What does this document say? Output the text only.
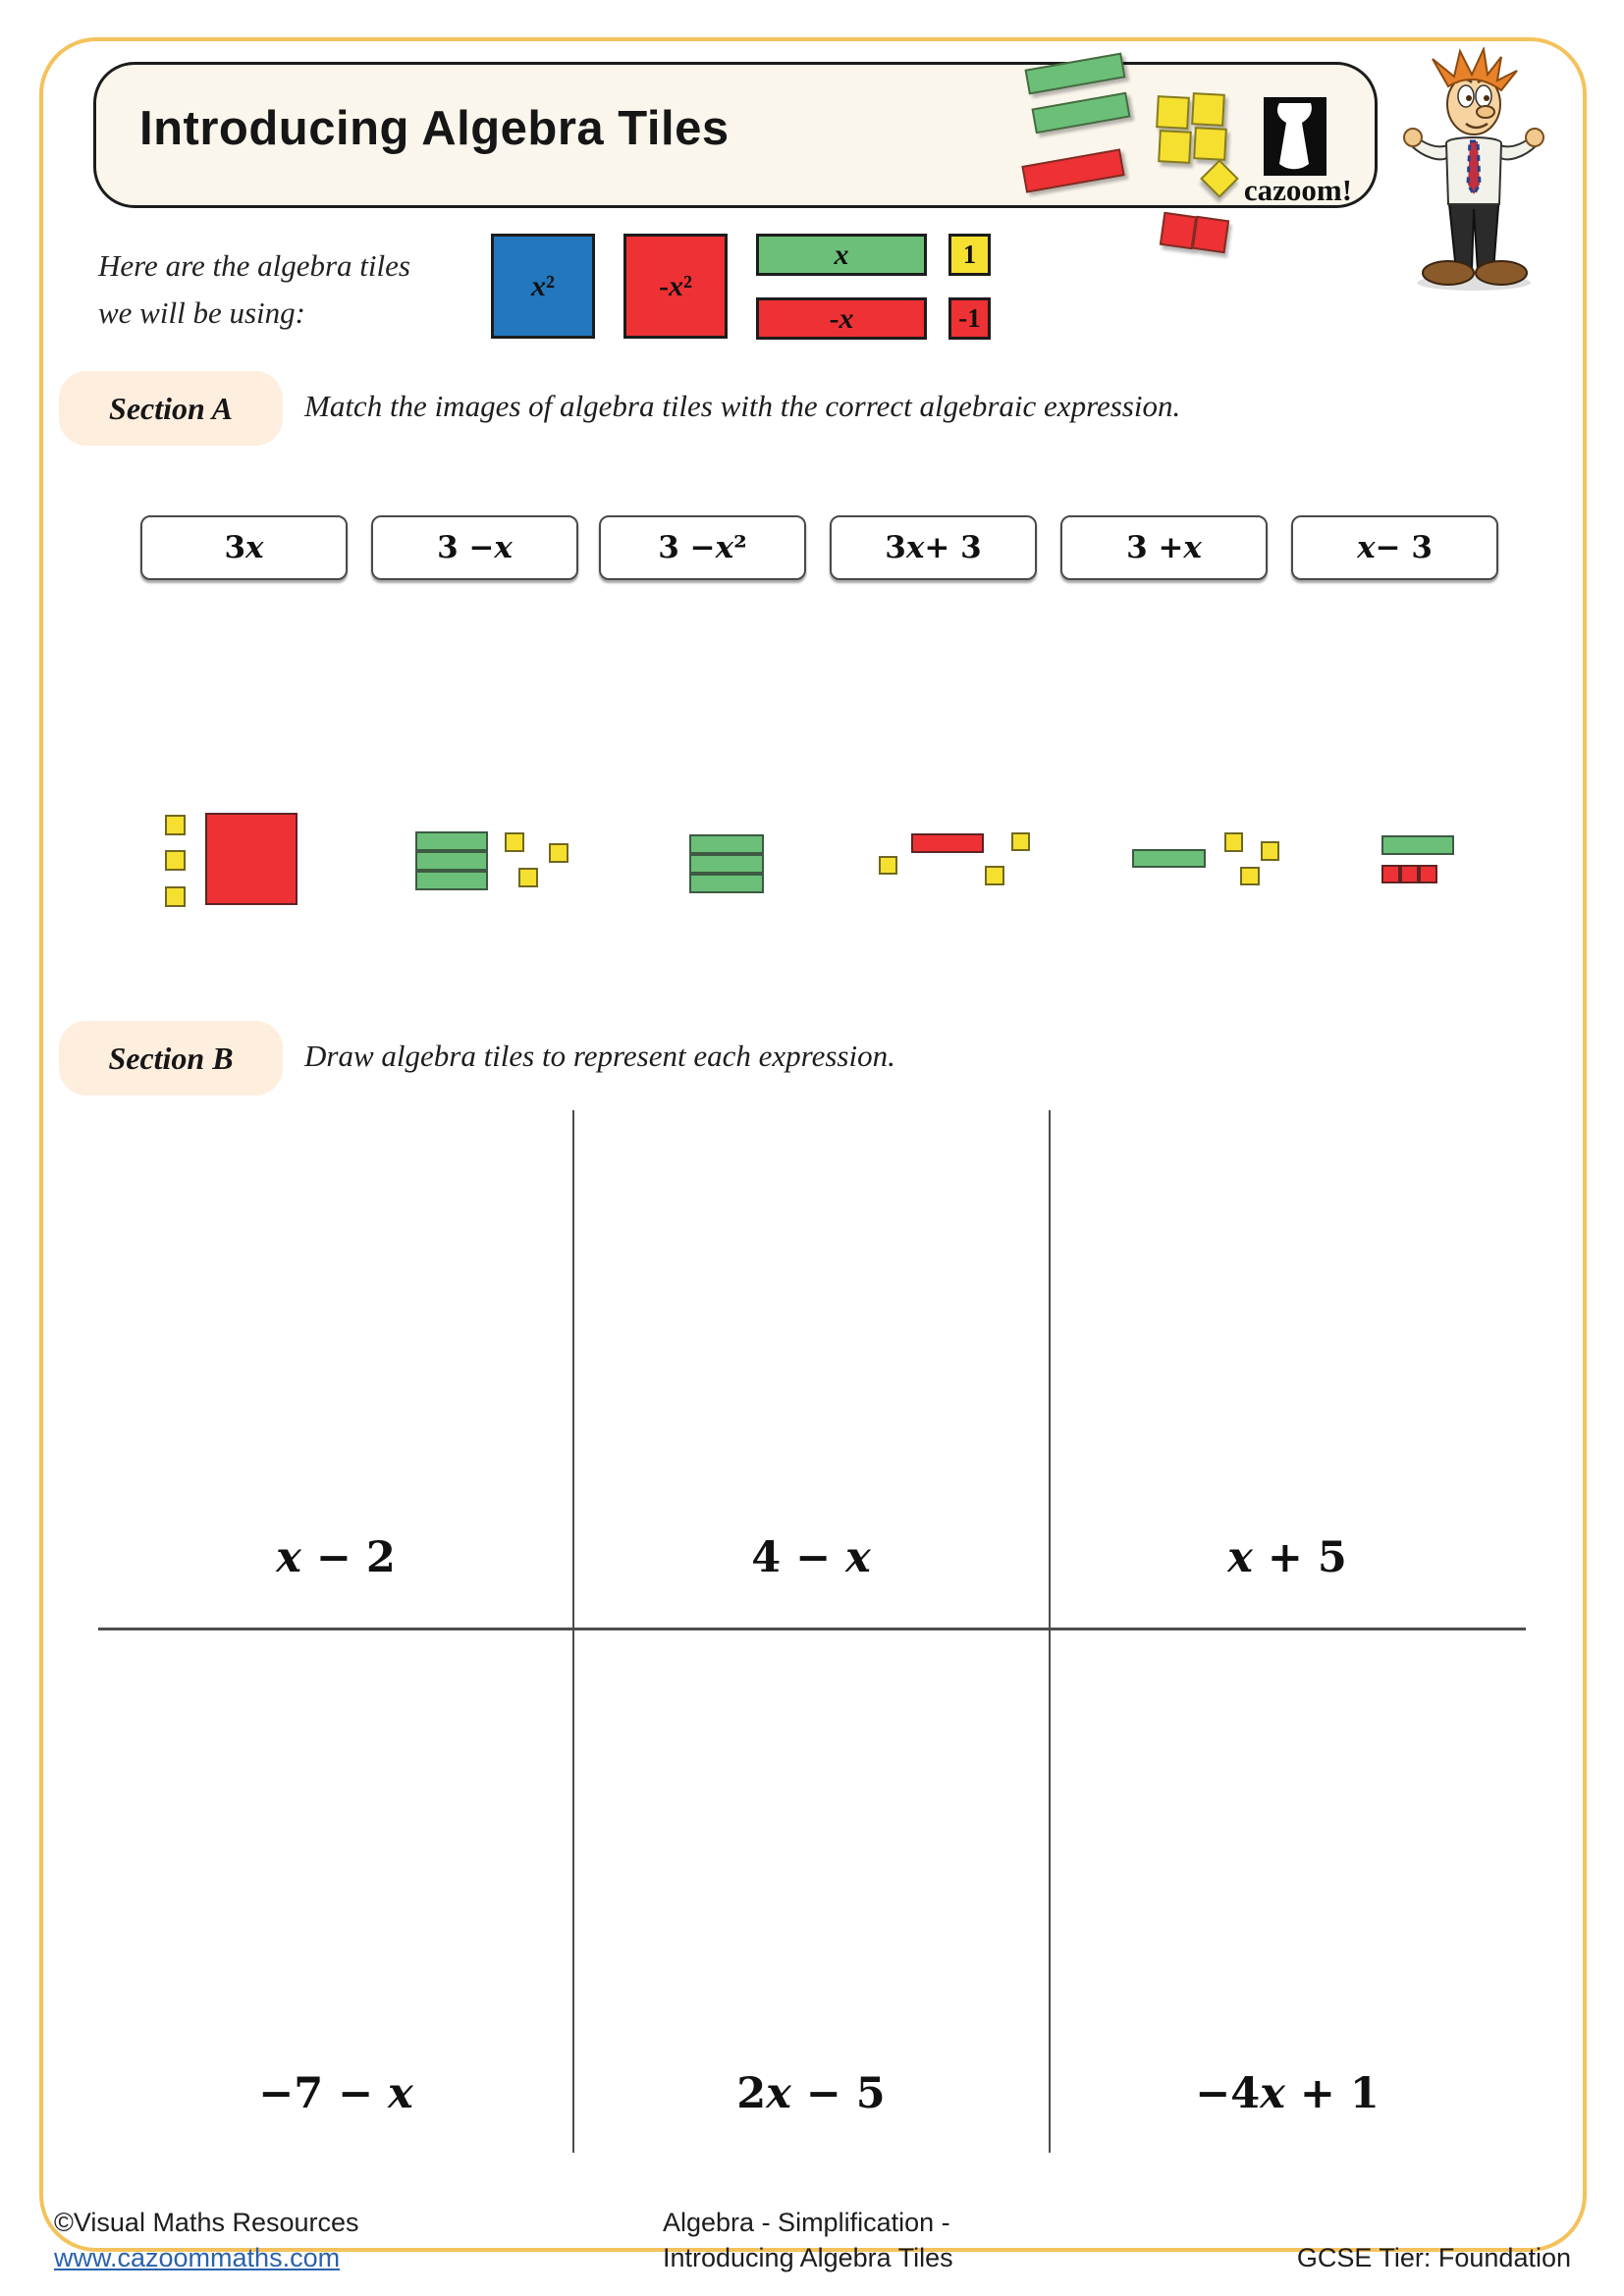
Introducing Algebra Tiles
cazoom!
Here are the algebra tiles
we will be using:
x²	-x²
x
-x
1
-1
Section A	Match the images of algebra tiles with the correct algebraic expression.
3 x	3 − x	3 − x ²	3 x + 3	3 + x	x − 3
Section B	Draw algebra tiles to represent each expression.
x − 2	4 − x	x + 5
−7 − x	2x − 5	−4x + 1
©Visual Maths Resources
www.cazoommaths.com
Algebra - Simplification -
Introducing Algebra Tiles	GCSE Tier: Foundation
